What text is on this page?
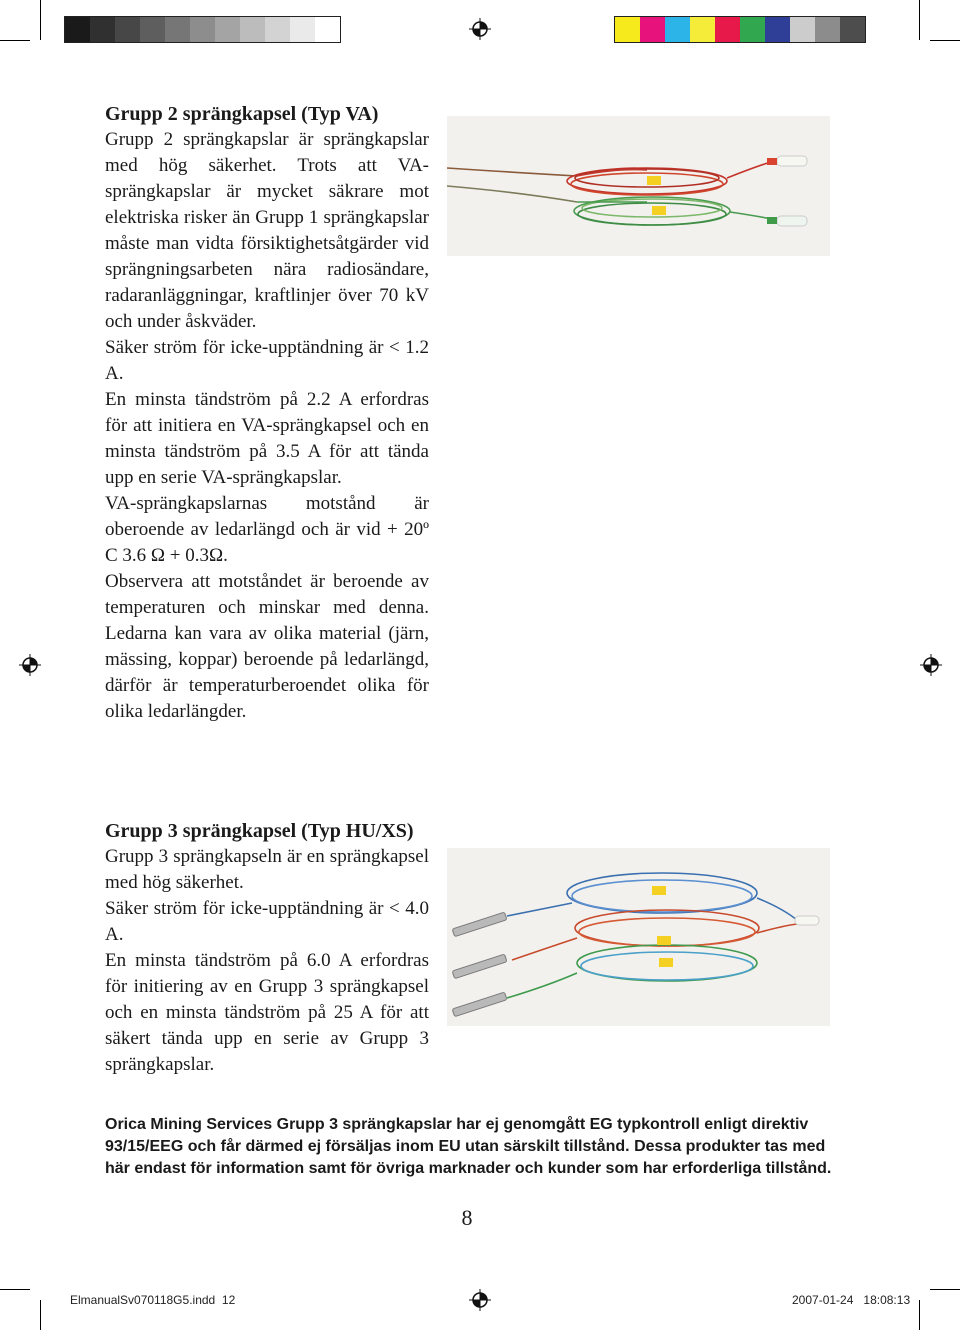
Grupp 2 sprängkapsel (Typ VA)

Grupp 2 sprängkapslar är sprängkapslar med hög säkerhet. Trots att VA-sprängkapslar är mycket säkrare mot elektriska risker än Grupp 1 sprängkapslar måste man vidta försiktighetsåtgärder vid sprängningsarbeten nära radiosändare, radaranläggningar, kraftlinjer över 70 kV och under åskväder.

Säker ström för icke-upptändning är < 1.2 A.

En minsta tändström på 2.2 A erfordras för att initiera en VA-sprängkapsel och en minsta tändström på 3.5 A för att tända upp en serie VA-sprängkapslar.

VA-sprängkapslarnas motstånd är oberoende av ledarlängd och är vid + 20º C 3.6 Ω + 0.3Ω.

Observera att motståndet är beroende av temperaturen och minskar med denna. Ledarna kan vara av olika material (järn, mässing, koppar) beroende på ledarlängd, därför är temperaturberoendet olika för olika ledarlängder.

Grupp 3 sprängkapsel (Typ HU/XS)

Grupp 3 sprängkapseln är en sprängkapsel med hög säkerhet.

Säker ström för icke-upptändning är < 4.0 A.

En minsta tändström på 6.0 A erfordras för initiering av en Grupp 3 sprängkapsel och en minsta tändström på 25 A för att säkert tända upp en serie av Grupp 3 sprängkapslar.

Orica Mining Services Grupp 3 sprängkapslar har ej genomgått EG typkontroll enligt direktiv 93/15/EEG och får därmed ej försäljas inom EU utan särskilt tillstånd. Dessa produkter tas med här endast för information samt för övriga marknader och kunder som har erforderliga tillstånd.

8
ElmanualSv070118G5.indd 12	2007-01-24 18:08:13
